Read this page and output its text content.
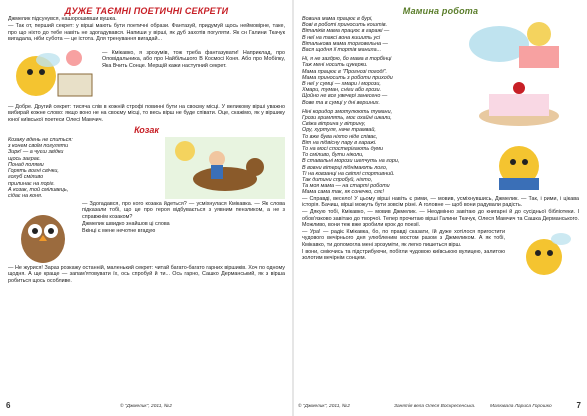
ДУЖЕ ТАЄМНІ ПОЕТИЧНІ СЕКРЕТИ

Джмелик підсунувся, нашорошивши вушка.

— Так от, перший секрет: у вірші мають бути поетичні образи. Фантазуй, придумуй щось неймовірне, таке, про що ніхто до тебе навіть не здогадувався. Напиши у вірші, як дуб захотів погуляти. Як сн Галини Ткачук вигадала, ніби субота — це істота. Для тренування вигадай...

— Кмікавко, я зрозумів, тож треба фантазувати! Наприклад, про Оповідальника, або про Найбільшого В Космосі Коня. Або про Мобілку, Яка Вчить Сонце. Мерщій кажи наступний секрет.

— Добре. Другий секрет: тисяча слів в кожній строфі повинні бути на своєму місці. У великому вірші уважно вибирай кожне слово: якщо воно не на своєму місці, то весь вірш не буде співати. Оце, скажімо, як у віршику юної київської поетеси Олесі Мамчич.

Козак
Козаку вдень не спиться:
з конем своїм погуляти
Зирк! — а чуєш звідки
щось заграє.
Понад полями
Горять вогні свічки,
голуб сміливо
прилинає на поріг.
А козак, той сміливець,
сідає на коня.

— Здогадався, про кого козака йдеться? — усміхнулася Кмікавка. — Як слова підказали тобі, що це про героя відбувається з уявним пензликом, а не з справжнім козаком?

Джмелик швидко знайшов ці слова

Вкінці є мене нечотне вгадую

— Не журися! Зараз розкажу останній, маленький секрет: читай багато-багато гарних віршиків. Хоч по одному щодня. А ще краще — запам'ятовувати їх, ось спробуй й ти... Ось гарно, Сашко Дерманський, як з вірша робиться щось особливе.

6	© "Джмелик", 2011, №2
Мамина робота
Вовина мама працює в бурі,
Вові в роботі приносить коштів.
Віталіків мама працює в гаражі —
В неї на таксі вона кишить усі
Віталькова мама торговельна —
Вася щодня її тортів манила...
Ні, я не заздрю, бо мама в торбінці
Таж мені носить цукерки.
Мама працює в "Прогнозі погоді".
Мама приносить з роботи приходи
В неї у сумці — хмари і морози,
Хмари, туман, сніги або грози.
Щойно не все увечері занесено —
Вове та в сумці у дні вершних.
Ніні коридор змотулюють тумани,
Грози гримлять, моє охайні шкали,
Свіжа вітрина у вітрину,
Ору, хуртуля, наче трамвай,
То вже бува ніхто ніде співає,
Віт на підвісну пару в гаражі.
То на мосі спостерігають думи
То сміливо, бути ніколи,
В ставальні морози шепчуть на гори,
В вовни вітерці піднімають лого,
Ті на ковзанці на світлі спортивний.
Так дитини спробуй, ніхто,
Та моя мама — на старті роботи
Мама сама так, як сонечко, сяє!

— Справді, весело! У цьому вірші навіть є рими, — мовив, усміхнувшись, Джмелик. — Так, і рими, і цікава історія. Бачиш, вірші можуть бути зовсім різні. А головне — щоб вони радували радість.

— Дякую тобі, Кмікавко, — мовив Джмелик. — Неодмінно завітаю до книгарні й до сусідньої бібліотеки. І обов'язково завітаю до творчої. Тепер прочитаю вірші Галини Ткачук, Олеся Мамчич та Сашка Дерманського. Можливо, вони теж вже зробили крок до поезії.

— Ура! — радіє Кмікавка, бо, по правді сказати, їй дуже хотілося пригостити чудового вечірнього дня улюбленим мостом разом з Джмеликом. А як тобі, Кмікавко, ти допомогла мені зрозуміти, як легко пишеться вірш.

І вони, сміючись та підстрибуючи, побігли чудовою київською вулицею, залитою золотим вечірнім сонцем.

© "Джмелик", 2011, №2	Занятія вела Олеся Воскресенська.	Малювала Лариса Горошко	7
